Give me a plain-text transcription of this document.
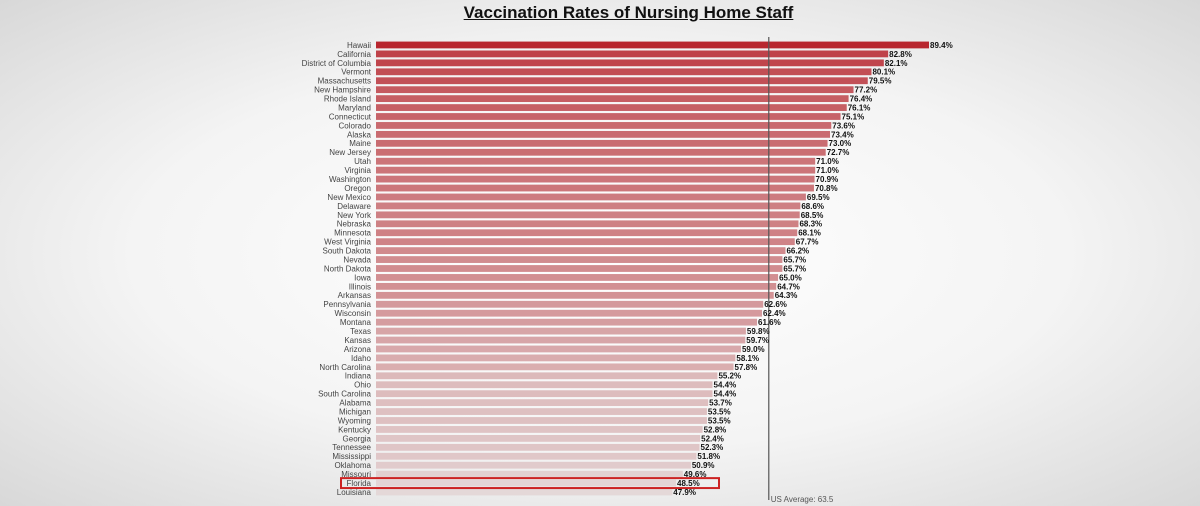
Vaccination Rates of Nursing Home Staff
US Average: 63.5
Hawaii	89.4%
California	82.8%
District of Columbia	82.1%
Vermont	80.1%
Massachusetts	79.5%
New Hampshire	77.2%
Rhode Island	76.4%
Maryland	76.1%
Connecticut	75.1%
Colorado	73.6%
Alaska	73.4%
Maine	73.0%
New Jersey	72.7%
Utah	71.0%
Virginia	71.0%
Washington	70.9%
Oregon	70.8%
New Mexico	69.5%
Delaware	68.6%
New York	68.5%
Nebraska	68.3%
Minnesota	68.1%
West Virginia	67.7%
South Dakota	66.2%
Nevada	65.7%
North Dakota	65.7%
Iowa	65.0%
Illinois	64.7%
Arkansas	64.3%
Pennsylvania	62.6%
Wisconsin	62.4%
Montana	61.6%
Texas	59.8%
Kansas	59.7%
Arizona	59.0%
Idaho	58.1%
North Carolina	57.8%
Indiana	55.2%
Ohio	54.4%
South Carolina	54.4%
Alabama	53.7%
Michigan	53.5%
Wyoming	53.5%
Kentucky	52.8%
Georgia	52.4%
Tennessee	52.3%
Mississippi	51.8%
Oklahoma	50.9%
Missouri	49.6%
Florida	48.5%
Louisiana	47.9%
